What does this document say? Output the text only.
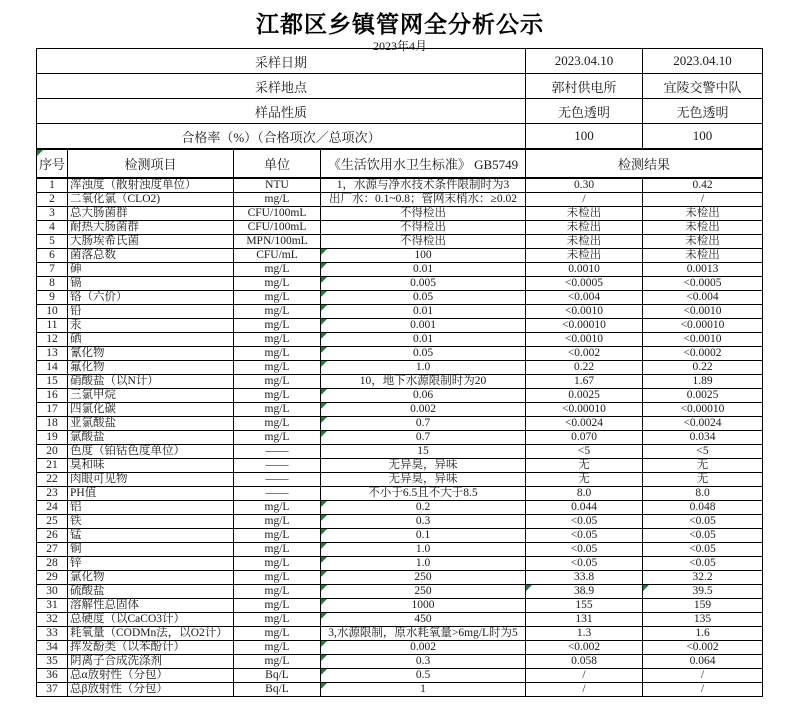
江都区乡镇管网全分析公示
2023年4月
采样日期	2023.04.10	2023.04.10
采样地点	郭村供电所	宜陵交警中队
样品性质	无色透明	无色透明
合格率（%）（合格项次／总项次）	100	100
序号	检测项目	单位	《生活饮用水卫生标准》 GB5749	检测结果
1	浑浊度（散射浊度单位）	NTU	1，水源与净水技术条件限制时为3	0.30	0.42
2	二氧化氯（CLO2)	mg/L	出厂水：0.1~0.8；管网末梢水：≥0.02	/	/
3	总大肠菌群	CFU/100mL	不得检出	未检出	未检出
4	耐热大肠菌群	CFU/100mL	不得检出	未检出	未检出
5	大肠埃希氏菌	MPN/100mL	不得检出	未检出	未检出
6	菌落总数	CFU/mL	100	未检出	未检出
7	砷	mg/L	0.01	0.0010	0.0013
8	镉	mg/L	0.005	<0.0005	<0.0005
9	铬（六价）	mg/L	0.05	<0.004	<0.004
10	铅	mg/L	0.01	<0.0010	<0.0010
11	汞	mg/L	0.001	<0.00010	<0.00010
12	硒	mg/L	0.01	<0.0010	<0.0010
13	氰化物	mg/L	0.05	<0.002	<0.0002
14	氟化物	mg/L	1.0	0.22	0.22
15	硝酸盐（以N计）	mg/L	10，地下水源限制时为20	1.67	1.89
16	三氯甲烷	mg/L	0.06	0.0025	0.0025
17	四氯化碳	mg/L	0.002	<0.00010	<0.00010
18	亚氯酸盐	mg/L	0.7	<0.0024	<0.0024
19	氯酸盐	mg/L	0.7	0.070	0.034
20	色度（铂钴色度单位）	——	15	<5	<5
21	臭和味	——	无异臭，异味	无	无
22	肉眼可见物	——	无异臭，异味	无	无
23	PH值	——	不小于6.5且不大于8.5	8.0	8.0
24	铝	mg/L	0.2	0.044	0.048
25	铁	mg/L	0.3	<0.05	<0.05
26	锰	mg/L	0.1	<0.05	<0.05
27	铜	mg/L	1.0	<0.05	<0.05
28	锌	mg/L	1.0	<0.05	<0.05
29	氯化物	mg/L	250	33.8	32.2
30	硫酸盐	mg/L	250	38.9	39.5
31	溶解性总固体	mg/L	1000	155	159
32	总硬度（以CaCO3计）	mg/L	450	131	135
33	耗氧量（CODMn法，以O2计）	mg/L	3,水源限制，原水耗氧量>6mg/L时为5	1.3	1.6
34	挥发酚类（以苯酚计）	mg/L	0.002	<0.002	<0.002
35	阴离子合成洗涤剂	mg/L	0.3	0.058	0.064
36	总α放射性（分包）	Bq/L	0.5	/	/
37	总β放射性（分包）	Bq/L	1	/	/
